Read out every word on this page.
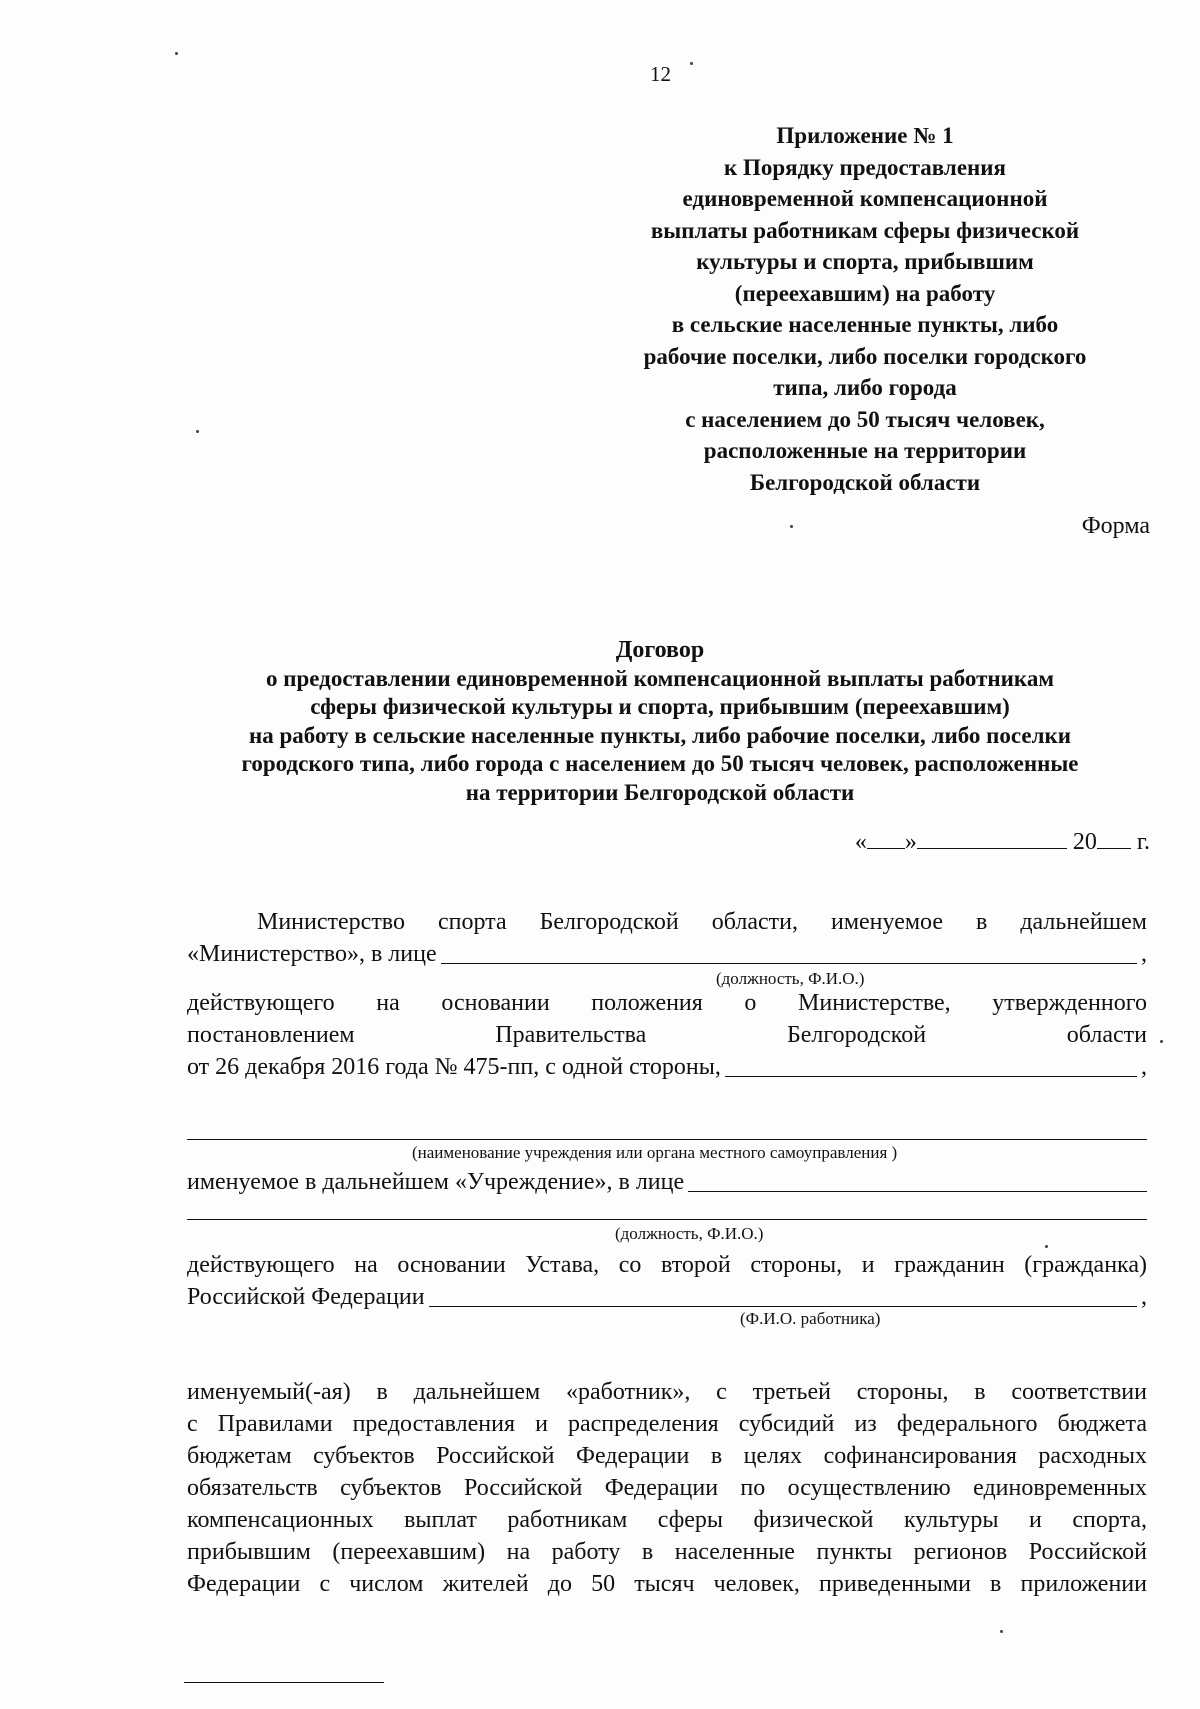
12
Приложение № 1
к Порядку предоставления
единовременной компенсационной
выплаты работникам сферы физической
культуры и спорта, прибывшим
(переехавшим) на работу
в сельские населенные пункты, либо
рабочие поселки, либо поселки городского
типа, либо города
с населением до 50 тысяч человек,
расположенные на территории
Белгородской области
Форма
Договор
о предоставлении единовременной компенсационной выплаты работникам
сферы физической культуры и спорта, прибывшим (переехавшим)
на работу в сельские населенные пункты, либо рабочие поселки, либо поселки
городского типа, либо города с населением до 50 тысяч человек, расположенные
на территории Белгородской области
« »	20 г.
Министерство спорта Белгородской области, именуемое в дальнейшем
«Министерство», в лице	,
(должность, Ф.И.О.)
действующего на основании положения о Министерстве, утвержденного
постановлением Правительства Белгородской области
от 26 декабря 2016 года № 475-пп, с одной стороны,	,
(наименование учреждения или органа местного самоуправления )
именуемое в дальнейшем «Учреждение», в лице
(должность, Ф.И.О.)
действующего на основании Устава, со второй стороны, и гражданин (гражданка)
Российской Федерации	,
(Ф.И.О. работника)
именуемый(-ая) в дальнейшем «работник», с третьей стороны, в соответствии
с Правилами предоставления и распределения субсидий из федерального бюджета
бюджетам субъектов Российской Федерации в целях софинансирования расходных
обязательств субъектов Российской Федерации по осуществлению единовременных
компенсационных выплат работникам сферы физической культуры и спорта,
прибывшим (переехавшим) на работу в населенные пункты регионов Российской
Федерации с числом жителей до 50 тысяч человек, приведенными в приложении
